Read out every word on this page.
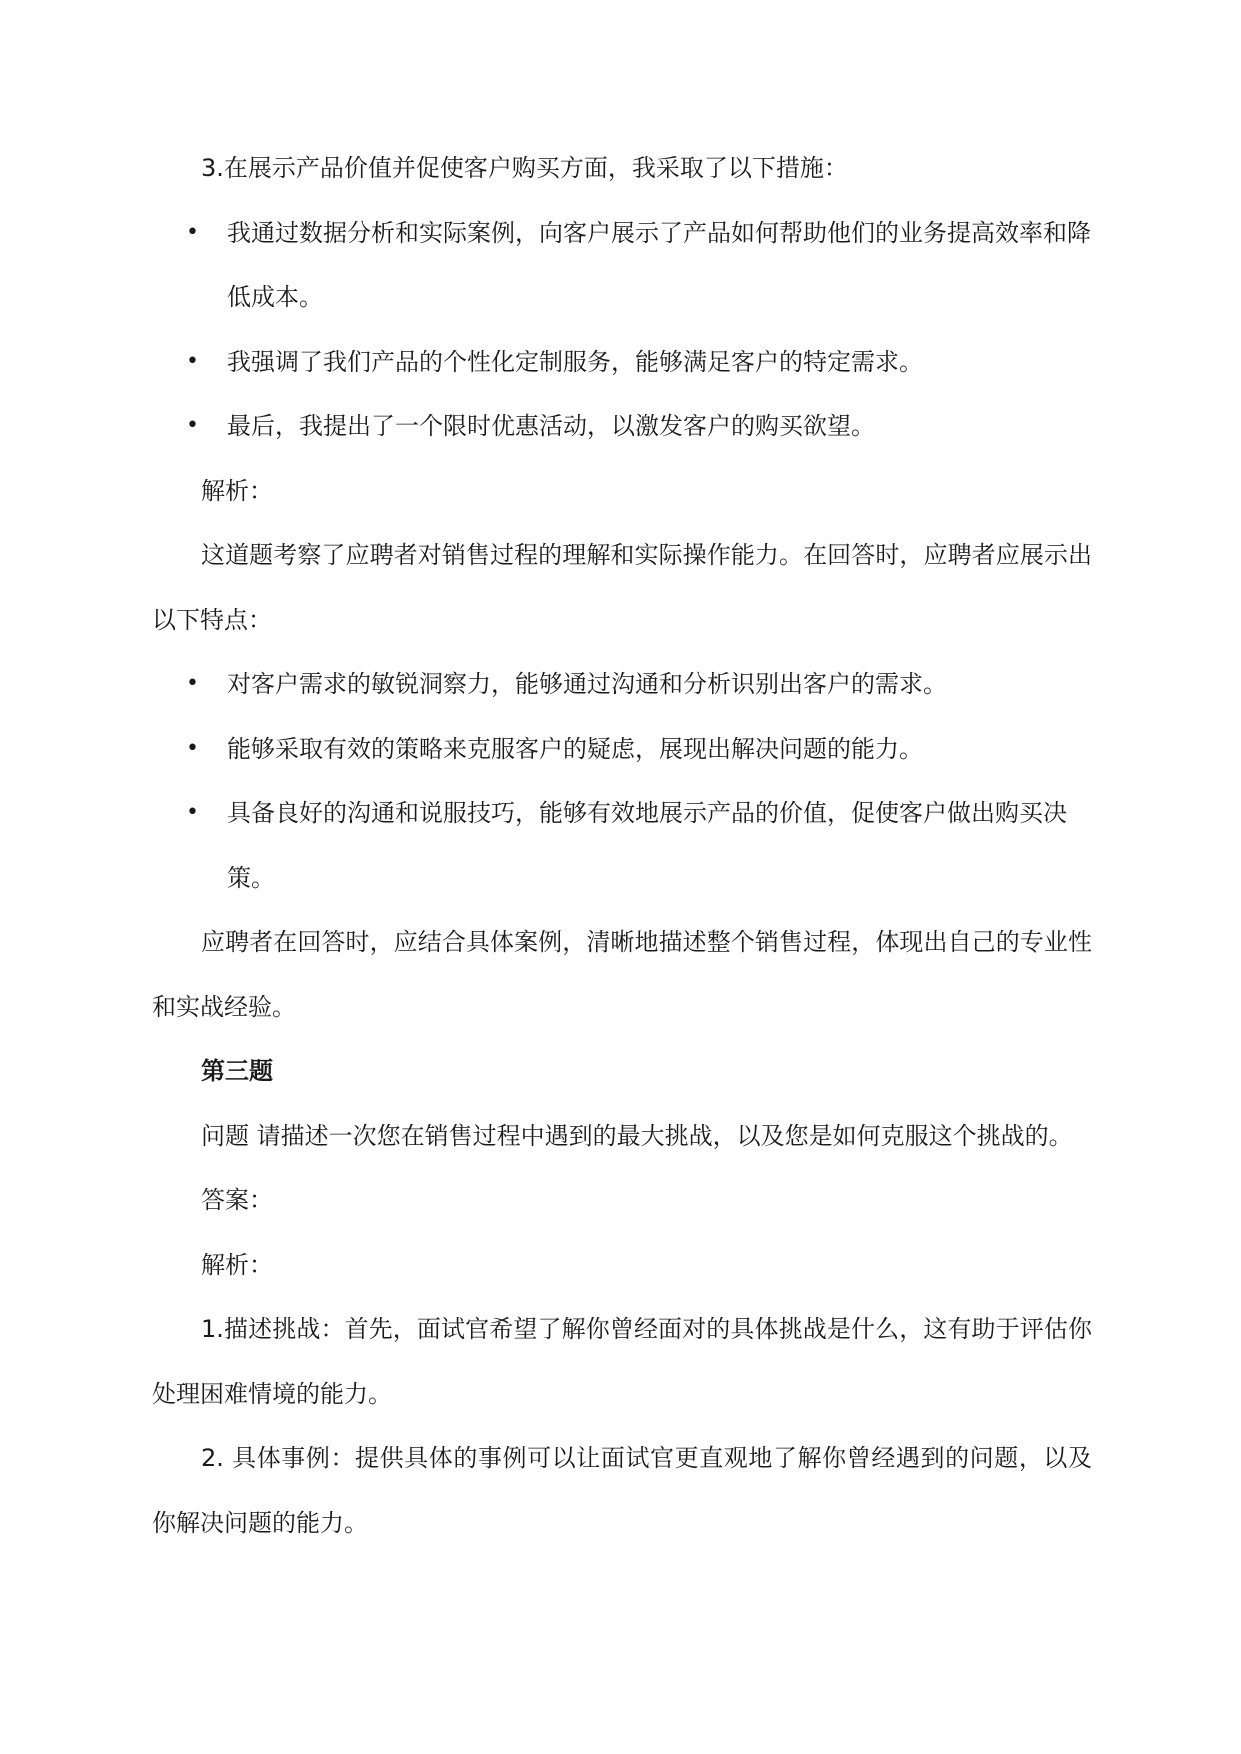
3.在展示产品价值并促使客户购买方面，我采取了以下措施：

• 我通过数据分析和实际案例，向客户展示了产品如何帮助他们的业务提高效率和降低成本。
• 我强调了我们产品的个性化定制服务，能够满足客户的特定需求。
• 最后，我提出了一个限时优惠活动，以激发客户的购买欲望。

解析：

这道题考察了应聘者对销售过程的理解和实际操作能力。在回答时，应聘者应展示出以下特点：

• 对客户需求的敏锐洞察力，能够通过沟通和分析识别出客户的需求。
• 能够采取有效的策略来克服客户的疑虑，展现出解决问题的能力。
• 具备良好的沟通和说服技巧，能够有效地展示产品的价值，促使客户做出购买决策。

应聘者在回答时，应结合具体案例，清晰地描述整个销售过程，体现出自己的专业性和实战经验。

第三题

问题 请描述一次您在销售过程中遇到的最大挑战，以及您是如何克服这个挑战的。

答案：

解析：

1.描述挑战：首先，面试官希望了解你曾经面对的具体挑战是什么，这有助于评估你处理困难情境的能力。

2. 具体事例：提供具体的事例可以让面试官更直观地了解你曾经遇到的问题，以及你解决问题的能力。
